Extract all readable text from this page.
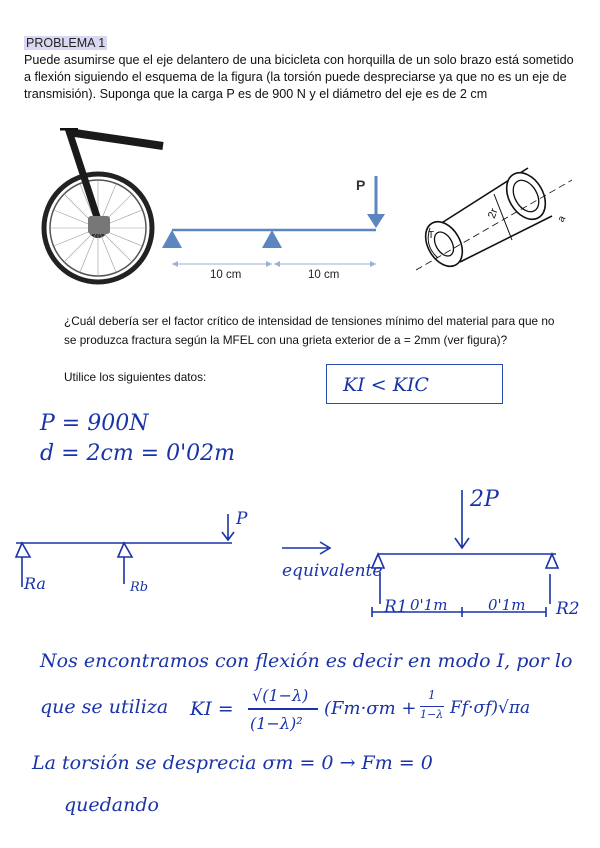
PROBLEMA 1
Puede asumirse que el eje delantero de una bicicleta con horquilla de un solo brazo está sometido a flexión siguiendo el esquema de la figura (la torsión puede despreciarse ya que no es un eje de transmisión). Suponga que la carga P es de 900 N y el diámetro del eje es de 2 cm
P
10 cm	10 cm
2r	a
T
¿Cuál debería ser el factor crítico de intensidad de tensiones mínimo del material para que no
se produzca fractura según la MFEL con una grieta exterior de a = 2mm (ver figura)?
Utilice los siguientes datos:	KI < KIC
P = 900N
d = 2cm = 0'02m
P
Ra	Rb
equivalente
2P
R1	R2
0'1m	0'1m
Nos encontramos con flexión es decir en modo I, por lo
que se utiliza KI =
√(1−λ)
(1−λ)²
(Fm·σm +
1
1−λ Ff·σf)√πa
La torsión se desprecia σm = 0 → Fm = 0
quedando
